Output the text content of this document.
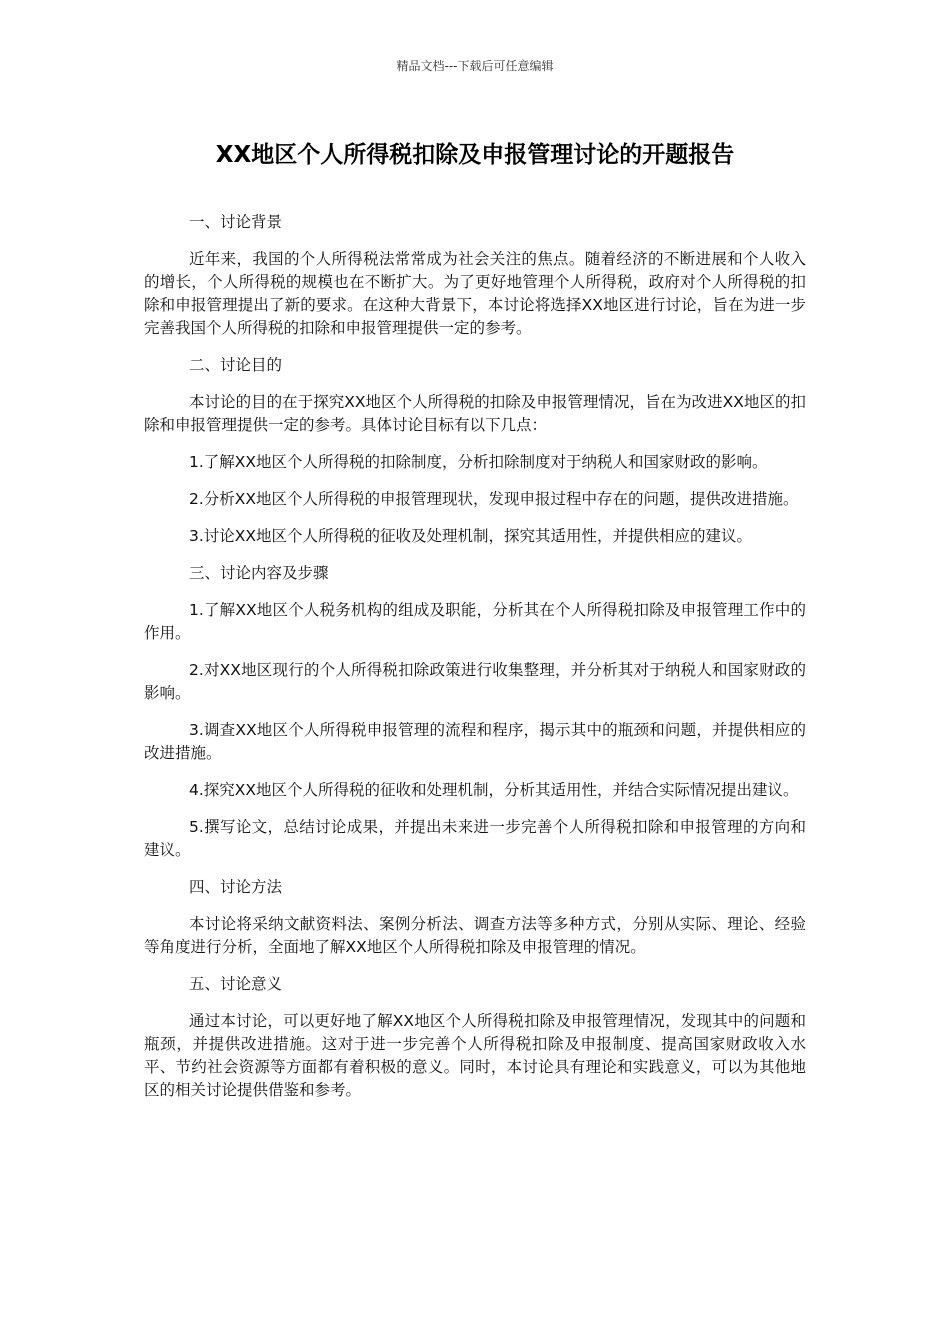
精品文档---下载后可任意编辑
XX地区个人所得税扣除及申报管理讨论的开题报告
一、讨论背景

近年来，我国的个人所得税法常常成为社会关注的焦点。随着经济的不断进展和个人收入的增长，个人所得税的规模也在不断扩大。为了更好地管理个人所得税，政府对个人所得税的扣除和申报管理提出了新的要求。在这种大背景下，本讨论将选择XX地区进行讨论，旨在为进一步完善我国个人所得税的扣除和申报管理提供一定的参考。

二、讨论目的

本讨论的目的在于探究XX地区个人所得税的扣除及申报管理情况，旨在为改进XX地区的扣除和申报管理提供一定的参考。具体讨论目标有以下几点：

1.了解XX地区个人所得税的扣除制度，分析扣除制度对于纳税人和国家财政的影响。

2.分析XX地区个人所得税的申报管理现状，发现申报过程中存在的问题，提供改进措施。

3.讨论XX地区个人所得税的征收及处理机制，探究其适用性，并提供相应的建议。

三、讨论内容及步骤

1.了解XX地区个人税务机构的组成及职能，分析其在个人所得税扣除及申报管理工作中的作用。

2.对XX地区现行的个人所得税扣除政策进行收集整理，并分析其对于纳税人和国家财政的影响。

3.调查XX地区个人所得税申报管理的流程和程序，揭示其中的瓶颈和问题，并提供相应的改进措施。

4.探究XX地区个人所得税的征收和处理机制，分析其适用性，并结合实际情况提出建议。

5.撰写论文，总结讨论成果，并提出未来进一步完善个人所得税扣除和申报管理的方向和建议。

四、讨论方法

本讨论将采纳文献资料法、案例分析法、调查方法等多种方式，分别从实际、理论、经验等角度进行分析，全面地了解XX地区个人所得税扣除及申报管理的情况。

五、讨论意义

通过本讨论，可以更好地了解XX地区个人所得税扣除及申报管理情况，发现其中的问题和瓶颈，并提供改进措施。这对于进一步完善个人所得税扣除及申报制度、提高国家财政收入水平、节约社会资源等方面都有着积极的意义。同时，本讨论具有理论和实践意义，可以为其他地区的相关讨论提供借鉴和参考。
